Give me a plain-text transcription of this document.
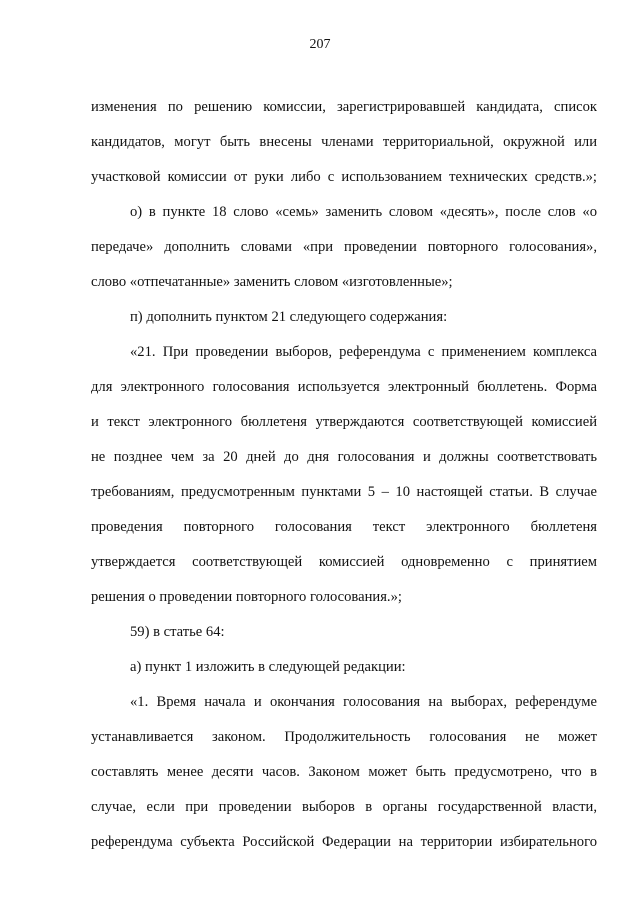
207
изменения по решению комиссии, зарегистрировавшей кандидата, список
кандидатов, могут быть внесены членами территориальной, окружной или
участковой комиссии от руки либо с использованием технических средств.»;
о) в пункте 18 слово «семь» заменить словом «десять», после слов «о
передаче» дополнить словами «при проведении повторного голосования»,
слово «отпечатанные» заменить словом «изготовленные»;
п) дополнить пунктом 21 следующего содержания:
«21. При проведении выборов, референдума с применением комплекса
для электронного голосования используется электронный бюллетень. Форма
и текст электронного бюллетеня утверждаются соответствующей комиссией
не позднее чем за 20 дней до дня голосования и должны соответствовать
требованиям, предусмотренным пунктами 5 – 10 настоящей статьи. В случае
проведения повторного голосования текст электронного бюллетеня
утверждается соответствующей комиссией одновременно с принятием
решения о проведении повторного голосования.»;
59) в статье 64:
а) пункт 1 изложить в следующей редакции:
«1. Время начала и окончания голосования на выборах, референдуме
устанавливается законом. Продолжительность голосования не может
составлять менее десяти часов. Законом может быть предусмотрено, что в
случае, если при проведении выборов в органы государственной власти,
референдума субъекта Российской Федерации на территории избирательного
